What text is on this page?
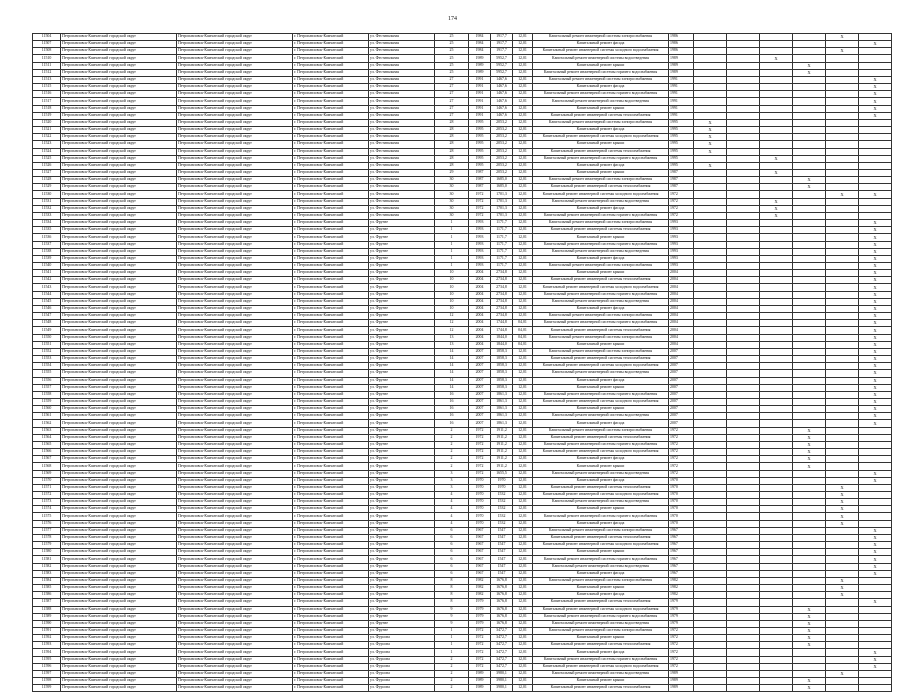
174
11504	Петропавловск-Камчатский городской округ	Петропавловск-Камчатский городской округ	г. Петропавловск-Камчатский	ул. Фестивальная	25	1984	1917,7	12,01	Капитальный ремонт инженерной системы электроснабжения	1986					X	
11507	Петропавловск-Камчатский городской округ	Петропавловск-Камчатский городской округ	г. Петропавловск-Камчатский	ул. Фестивальная	25	1984	1917,7	12,01	Капитальный ремонт фасада	1986						X
11508	Петропавловск-Камчатский городской округ	Петропавловск-Камчатский городской округ	г. Петропавловск-Камчатский	ул. Фестивальная	25	1984	1917,7	12,01	Капитальный ремонт инженерной системы холодного водоснабжения	1986					X	
11510	Петропавловск-Камчатский городской округ	Петропавловск-Камчатский городской округ	г. Петропавловск-Камчатский	ул. Фестивальная	25	1989	5952,7	12,01	Капитальный ремонт инженерной системы водоотведения	1989			X			
11511	Петропавловск-Камчатский городской округ	Петропавловск-Камчатский городской округ	г. Петропавловск-Камчатский	ул. Фестивальная	25	1989	5952,7	12,01	Капитальный ремонт крыши	1989				X		
11512	Петропавловск-Камчатский городской округ	Петропавловск-Камчатский городской округ	г. Петропавловск-Камчатский	ул. Фестивальная	25	1989	5952,7	12,01	Капитальный ремонт инженерной системы горячего водоснабжения	1989				X		
11513	Петропавловск-Камчатский городской округ	Петропавловск-Камчатский городской округ	г. Петропавловск-Камчатский	ул. Фестивальная	27	1991	1467,6	12,01	Капитальный ремонт инженерной системы электроснабжения	1991						X
11515	Петропавловск-Камчатский городской округ	Петропавловск-Камчатский городской округ	г. Петропавловск-Камчатский	ул. Фестивальная	27	1991	1467,6	12,01	Капитальный ремонт фасада	1991						X
11516	Петропавловск-Камчатский городской округ	Петропавловск-Камчатский городской округ	г. Петропавловск-Камчатский	ул. Фестивальная	27	1991	1467,6	12,01	Капитальный ремонт инженерной системы горячего водоснабжения	1991						X
11517	Петропавловск-Камчатский городской округ	Петропавловск-Камчатский городской округ	г. Петропавловск-Камчатский	ул. Фестивальная	27	1991	1467,6	12,01	Капитальный ремонт инженерной системы водоотведения	1991						X
11518	Петропавловск-Камчатский городской округ	Петропавловск-Камчатский городской округ	г. Петропавловск-Камчатский	ул. Фестивальная	27	1991	1467,6	12,01	Капитальный ремонт крыши	1991						X
11519	Петропавловск-Камчатский городской округ	Петропавловск-Камчатский городской округ	г. Петропавловск-Камчатский	ул. Фестивальная	27	1991	1467,6	12,01	Капитальный ремонт инженерной системы теплоснабжения	1991						X
11520	Петропавловск-Камчатский городской округ	Петропавловск-Камчатский городской округ	г. Петропавловск-Камчатский	ул. Фестивальная	28	1995	2053,2	12,01	Капитальный ремонт инженерной системы электроснабжения	1995	X					
11521	Петропавловск-Камчатский городской округ	Петропавловск-Камчатский городской округ	г. Петропавловск-Камчатский	ул. Фестивальная	28	1995	2053,2	12,01	Капитальный ремонт фасада	1995	X					
11522	Петропавловск-Камчатский городской округ	Петропавловск-Камчатский городской округ	г. Петропавловск-Камчатский	ул. Фестивальная	28	1995	2053,2	12,01	Капитальный ремонт инженерной системы холодного водоснабжения	1995	X					
11523	Петропавловск-Камчатский городской округ	Петропавловск-Камчатский городской округ	г. Петропавловск-Камчатский	ул. Фестивальная	28	1995	2053,2	12,01	Капитальный ремонт крыши	1995	X					
11524	Петропавловск-Камчатский городской округ	Петропавловск-Камчатский городской округ	г. Петропавловск-Камчатский	ул. Фестивальная	28	1995	2053,2	12,01	Капитальный ремонт инженерной системы теплоснабжения	1995	X					
11525	Петропавловск-Камчатский городской округ	Петропавловск-Камчатский городской округ	г. Петропавловск-Камчатский	ул. Фестивальная	28	1995	2053,2	12,01	Капитальный ремонт инженерной системы горячего водоснабжения	1995			X			
11526	Петропавловск-Камчатский городской округ	Петропавловск-Камчатский городской округ	г. Петропавловск-Камчатский	ул. Фестивальная	28	1995	2053,2	12,01	Капитальный ремонт фасада	1995	X					
11527	Петропавловск-Камчатский городской округ	Петропавловск-Камчатский городской округ	г. Петропавловск-Камчатский	ул. Фестивальная	29	1987	2053,2	12,01	Капитальный ремонт крыши	1987			X			
11528	Петропавловск-Камчатский городской округ	Петропавловск-Камчатский городской округ	г. Петропавловск-Камчатский	ул. Фестивальная	30	1987	1685,0	12,01	Капитальный ремонт инженерной системы электроснабжения	1987				X		
11529	Петропавловск-Камчатский городской округ	Петропавловск-Камчатский городской округ	г. Петропавловск-Камчатский	ул. Фестивальная	30	1987	1685,0	12,01	Капитальный ремонт инженерной системы теплоснабжения	1987				X		
11530	Петропавловск-Камчатский городской округ	Петропавловск-Камчатский городской округ	г. Петропавловск-Камчатский	ул. Фестивальная	30	1972	1701,3	12,01	Капитальный ремонт инженерной системы холодного водоснабжения	1972					X	X
11531	Петропавловск-Камчатский городской округ	Петропавловск-Камчатский городской округ	г. Петропавловск-Камчатский	ул. Фестивальная	30	1972	1701,3	12,01	Капитальный ремонт инженерной системы водоотведения	1972			X			
11532	Петропавловск-Камчатский городской округ	Петропавловск-Камчатский городской округ	г. Петропавловск-Камчатский	ул. Фестивальная	30	1972	1701,3	12,01	Капитальный ремонт фасада	1972			X			
11533	Петропавловск-Камчатский городской округ	Петропавловск-Камчатский городской округ	г. Петропавловск-Камчатский	ул. Фестивальная	30	1972	1701,3	12,01	Капитальный ремонт инженерной системы горячего водоснабжения	1972			X			
11534	Петропавловск-Камчатский городской округ	Петропавловск-Камчатский городской округ	г. Петропавловск-Камчатский	ул. Фрунзе	1	1993	1171,7	12,01	Капитальный ремонт инженерной системы электроснабжения	1993						X
11535	Петропавловск-Камчатский городской округ	Петропавловск-Камчатский городской округ	г. Петропавловск-Камчатский	ул. Фрунзе	1	1993	1171,7	12,01	Капитальный ремонт инженерной системы теплоснабжения	1993						X
11536	Петропавловск-Камчатский городской округ	Петропавловск-Камчатский городской округ	г. Петропавловск-Камчатский	ул. Фрунзе	1	1993	1171,7	12,01	Капитальный ремонт крыши	1993						X
11537	Петропавловск-Камчатский городской округ	Петропавловск-Камчатский городской округ	г. Петропавловск-Камчатский	ул. Фрунзе	1	1993	1171,7	12,01	Капитальный ремонт инженерной системы горячего водоснабжения	1993						X
11538	Петропавловск-Камчатский городской округ	Петропавловск-Камчатский городской округ	г. Петропавловск-Камчатский	ул. Фрунзе	1	1993	1171,7	12,01	Капитальный ремонт инженерной системы водоотведения	1993						X
11539	Петропавловск-Камчатский городской округ	Петропавловск-Камчатский городской округ	г. Петропавловск-Камчатский	ул. Фрунзе	1	1993	1171,7	12,01	Капитальный ремонт фасада	1993						X
11540	Петропавловск-Камчатский городской округ	Петропавловск-Камчатский городской округ	г. Петропавловск-Камчатский	ул. Фрунзе	1	1993	1171,7	12,01	Капитальный ремонт инженерной системы электроснабжения	1993						X
11541	Петропавловск-Камчатский городской округ	Петропавловск-Камчатский городской округ	г. Петропавловск-Камчатский	ул. Фрунзе	10	2004	2734,8	12,01	Капитальный ремонт крыши	2004						X
11542	Петропавловск-Камчатский городской округ	Петропавловск-Камчатский городской округ	г. Петропавловск-Камчатский	ул. Фрунзе	10	2004	2734,8	12,01	Капитальный ремонт инженерной системы теплоснабжения	2004						X
11543	Петропавловск-Камчатский городской округ	Петропавловск-Камчатский городской округ	г. Петропавловск-Камчатский	ул. Фрунзе	10	2004	2734,8	12,01	Капитальный ремонт инженерной системы холодного водоснабжения	2004						X
11544	Петропавловск-Камчатский городской округ	Петропавловск-Камчатский городской округ	г. Петропавловск-Камчатский	ул. Фрунзе	10	2004	2734,8	12,01	Капитальный ремонт инженерной системы горячего водоснабжения	2004						X
11545	Петропавловск-Камчатский городской округ	Петропавловск-Камчатский городской округ	г. Петропавловск-Камчатский	ул. Фрунзе	10	2004	2734,8	12,01	Капитальный ремонт инженерной системы водоотведения	2004						X
11546	Петропавловск-Камчатский городской округ	Петропавловск-Камчатский городской округ	г. Петропавловск-Камчатский	ул. Фрунзе	10	2004	2734,8	12,01	Капитальный ремонт фасада	2004						X
11547	Петропавловск-Камчатский городской округ	Петропавловск-Камчатский городской округ	г. Петропавловск-Камчатский	ул. Фрунзе	12	2004	2734,8	12,01	Капитальный ремонт инженерной системы электроснабжения	2004						X
11548	Петропавловск-Камчатский городской округ	Петропавловск-Камчатский городской округ	г. Петропавловск-Камчатский	ул. Фрунзе	12	2004	1744,8	04,01	Капитальный ремонт инженерной системы горячего водоснабжения	2004						X
11549	Петропавловск-Камчатский городской округ	Петропавловск-Камчатский городской округ	г. Петропавловск-Камчатский	ул. Фрунзе	12	2004	1744,8	04,01	Капитальный ремонт инженерной системы теплоснабжения	2004						X
11550	Петропавловск-Камчатский городской округ	Петропавловск-Камчатский городской округ	г. Петропавловск-Камчатский	ул. Фрунзе	13	2004	1844,0	04,01	Капитальный ремонт инженерной системы электроснабжения	2004						X
11551	Петропавловск-Камчатский городской округ	Петропавловск-Камчатский городской округ	г. Петропавловск-Камчатский	ул. Фрунзе	13	2004	1844,0	04,01	Капитальный ремонт крыши	2004						X
11552	Петропавловск-Камчатский городской округ	Петропавловск-Камчатский городской округ	г. Петропавловск-Камчатский	ул. Фрунзе	14	2007	1858,3	12,01	Капитальный ремонт инженерной системы электроснабжения	2007						X
11553	Петропавловск-Камчатский городской округ	Петропавловск-Камчатский городской округ	г. Петропавловск-Камчатский	ул. Фрунзе	14	2007	1858,3	12,01	Капитальный ремонт инженерной системы теплоснабжения	2007						X
11554	Петропавловск-Камчатский городской округ	Петропавловск-Камчатский городской округ	г. Петропавловск-Камчатский	ул. Фрунзе	14	2007	1858,3	12,01	Капитальный ремонт инженерной системы холодного водоснабжения	2007						X
11555	Петропавловск-Камчатский городской округ	Петропавловск-Камчатский городской округ	г. Петропавловск-Камчатский	ул. Фрунзе	14	2007	1858,3	12,01	Капитальный ремонт инженерной системы водоотведения	2007						X
11556	Петропавловск-Камчатский городской округ	Петропавловск-Камчатский городской округ	г. Петропавловск-Камчатский	ул. Фрунзе	14	2007	1858,3	12,01	Капитальный ремонт фасада	2007						X
11557	Петропавловск-Камчатский городской округ	Петропавловск-Камчатский городской округ	г. Петропавловск-Камчатский	ул. Фрунзе	14	2007	1858,3	12,01	Капитальный ремонт крыши	2007						X
11558	Петропавловск-Камчатский городской округ	Петропавловск-Камчатский городской округ	г. Петропавловск-Камчатский	ул. Фрунзе	16	2007	1861,3	12,01	Капитальный ремонт инженерной системы горячего водоснабжения	2007						X
11559	Петропавловск-Камчатский городской округ	Петропавловск-Камчатский городской округ	г. Петропавловск-Камчатский	ул. Фрунзе	16	2007	1861,3	12,01	Капитальный ремонт инженерной системы холодного водоснабжения	2007						X
11560	Петропавловск-Камчатский городской округ	Петропавловск-Камчатский городской округ	г. Петропавловск-Камчатский	ул. Фрунзе	16	2007	1861,3	12,01	Капитальный ремонт крыши	2007						X
11561	Петропавловск-Камчатский городской округ	Петропавловск-Камчатский городской округ	г. Петропавловск-Камчатский	ул. Фрунзе	16	2007	1861,3	12,01	Капитальный ремонт инженерной системы водоотведения	2007						X
11562	Петропавловск-Камчатский городской округ	Петропавловск-Камчатский городской округ	г. Петропавловск-Камчатский	ул. Фрунзе	16	2007	1861,3	12,01	Капитальный ремонт фасада	2007						X
11563	Петропавловск-Камчатский городской округ	Петропавловск-Камчатский городской округ	г. Петропавловск-Камчатский	ул. Фрунзе	2	1972	1911,2	12,01	Капитальный ремонт инженерной системы электроснабжения	1972				X		
11564	Петропавловск-Камчатский городской округ	Петропавловск-Камчатский городской округ	г. Петропавловск-Камчатский	ул. Фрунзе	2	1972	1911,2	12,01	Капитальный ремонт инженерной системы теплоснабжения	1972				X		
11565	Петропавловск-Камчатский городской округ	Петропавловск-Камчатский городской округ	г. Петропавловск-Камчатский	ул. Фрунзе	2	1972	1911,2	12,01	Капитальный ремонт инженерной системы горячего водоснабжения	1972				X		
11566	Петропавловск-Камчатский городской округ	Петропавловск-Камчатский городской округ	г. Петропавловск-Камчатский	ул. Фрунзе	2	1972	1911,2	12,01	Капитальный ремонт инженерной системы холодного водоснабжения	1972				X		
11567	Петропавловск-Камчатский городской округ	Петропавловск-Камчатский городской округ	г. Петропавловск-Камчатский	ул. Фрунзе	2	1972	1911,2	12,01	Капитальный ремонт фасада	1972				X		
11568	Петропавловск-Камчатский городской округ	Петропавловск-Камчатский городской округ	г. Петропавловск-Камчатский	ул. Фрунзе	2	1972	1911,2	12,01	Капитальный ремонт крыши	1972				X		
11569	Петропавловск-Камчатский городской округ	Петропавловск-Камчатский городской округ	г. Петропавловск-Камчатский	ул. Фрунзе	3	1972	1655,5	12,01	Капитальный ремонт инженерной системы водоотведения	1972						X
11570	Петропавловск-Камчатский городской округ	Петропавловск-Камчатский городской округ	г. Петропавловск-Камчатский	ул. Фрунзе	3	1970	1970	12,01	Капитальный ремонт фасада	1970						X
11571	Петропавловск-Камчатский городской округ	Петропавловск-Камчатский городской округ	г. Петропавловск-Камчатский	ул. Фрунзе	3	1970	1970	12,01	Капитальный ремонт инженерной системы теплоснабжения	1970					X	
11572	Петропавловск-Камчатский городской округ	Петропавловск-Камчатский городской округ	г. Петропавловск-Камчатский	ул. Фрунзе	4	1970	1532	12,01	Капитальный ремонт инженерной системы холодного водоснабжения	1970					X	
11573	Петропавловск-Камчатский городской округ	Петропавловск-Камчатский городской округ	г. Петропавловск-Камчатский	ул. Фрунзе	4	1970	1532	12,01	Капитальный ремонт инженерной системы водоотведения	1970					X	
11574	Петропавловск-Камчатский городской округ	Петропавловск-Камчатский городской округ	г. Петропавловск-Камчатский	ул. Фрунзе	4	1970	1532	12,01	Капитальный ремонт крыши	1970					X	
11575	Петропавловск-Камчатский городской округ	Петропавловск-Камчатский городской округ	г. Петропавловск-Камчатский	ул. Фрунзе	4	1970	1532	12,01	Капитальный ремонт инженерной системы горячего водоснабжения	1970					X	
11576	Петропавловск-Камчатский городской округ	Петропавловск-Камчатский городской округ	г. Петропавловск-Камчатский	ул. Фрунзе	4	1970	1532	12,01	Капитальный ремонт фасада	1970					X	
11577	Петропавловск-Камчатский городской округ	Петропавловск-Камчатский городской округ	г. Петропавловск-Камчатский	ул. Фрунзе	6	1967	1547	12,01	Капитальный ремонт инженерной системы электроснабжения	1967						X
11578	Петропавловск-Камчатский городской округ	Петропавловск-Камчатский городской округ	г. Петропавловск-Камчатский	ул. Фрунзе	6	1967	1547	12,01	Капитальный ремонт инженерной системы теплоснабжения	1967						X
11579	Петропавловск-Камчатский городской округ	Петропавловск-Камчатский городской округ	г. Петропавловск-Камчатский	ул. Фрунзе	6	1967	1547	12,01	Капитальный ремонт инженерной системы холодного водоснабжения	1967						X
11580	Петропавловск-Камчатский городской округ	Петропавловск-Камчатский городской округ	г. Петропавловск-Камчатский	ул. Фрунзе	6	1967	1547	12,01	Капитальный ремонт крыши	1967						X
11581	Петропавловск-Камчатский городской округ	Петропавловск-Камчатский городской округ	г. Петропавловск-Камчатский	ул. Фрунзе	6	1967	1547	12,01	Капитальный ремонт инженерной системы горячего водоснабжения	1967						X
11582	Петропавловск-Камчатский городской округ	Петропавловск-Камчатский городской округ	г. Петропавловск-Камчатский	ул. Фрунзе	6	1967	1547	12,01	Капитальный ремонт инженерной системы водоотведения	1967						X
11583	Петропавловск-Камчатский городской округ	Петропавловск-Камчатский городской округ	г. Петропавловск-Камчатский	ул. Фрунзе	6	1967	1547	12,01	Капитальный ремонт фасада	1967						X
11584	Петропавловск-Камчатский городской округ	Петропавловск-Камчатский городской округ	г. Петропавловск-Камчатский	ул. Фрунзе	8	1982	1676,8	12,01	Капитальный ремонт инженерной системы электроснабжения	1982					X	
11585	Петропавловск-Камчатский городской округ	Петропавловск-Камчатский городской округ	г. Петропавловск-Камчатский	ул. Фрунзе	8	1982	1676,8	12,01	Капитальный ремонт крыши	1982					X	
11586	Петропавловск-Камчатский городской округ	Петропавловск-Камчатский городской округ	г. Петропавловск-Камчатский	ул. Фрунзе	8	1982	1676,8	12,01	Капитальный ремонт фасада	1982					X	
11587	Петропавловск-Камчатский городской округ	Петропавловск-Камчатский городской округ	г. Петропавловск-Камчатский	ул. Фрунзе	8	1979	1676,8	12,01	Капитальный ремонт инженерной системы теплоснабжения	1979						X
11588	Петропавловск-Камчатский городской округ	Петропавловск-Камчатский городской округ	г. Петропавловск-Камчатский	ул. Фрунзе	9	1979	1676,8	12,01	Капитальный ремонт инженерной системы холодного водоснабжения	1979				X		
11589	Петропавловск-Камчатский городской округ	Петропавловск-Камчатский городской округ	г. Петропавловск-Камчатский	ул. Фрунзе	9	1979	1676,8	12,01	Капитальный ремонт инженерной системы горячего водоснабжения	1979				X		
11590	Петропавловск-Камчатский городской округ	Петропавловск-Камчатский городской округ	г. Петропавловск-Камчатский	ул. Фрунзе	9	1979	1676,8	12,01	Капитальный ремонт инженерной системы водоотведения	1979				X		
11591	Петропавловск-Камчатский городской округ	Петропавловск-Камчатский городской округ	г. Петропавловск-Камчатский	ул. Фрунзе	1	1972	3472,7	12,01	Капитальный ремонт инженерной системы электроснабжения	1972				X		
11592	Петропавловск-Камчатский городской округ	Петропавловск-Камчатский городской округ	г. Петропавловск-Камчатский	ул. Фурсова	1	1972	3472,7	12,01	Капитальный ремонт крыши	1972				X		
11593	Петропавловск-Камчатский городской округ	Петропавловск-Камчатский городской округ	г. Петропавловск-Камчатский	ул. Фурсова	1	1972	3472,7	12,01	Капитальный ремонт инженерной системы теплоснабжения	1972				X		
11594	Петропавловск-Камчатский городской округ	Петропавловск-Камчатский городской округ	г. Петропавловск-Камчатский	ул. Фурсова	1	1972	3472,7	12,01	Капитальный ремонт фасада	1972						X
11595	Петропавловск-Камчатский городской округ	Петропавловск-Камчатский городской округ	г. Петропавловск-Камчатский	ул. Фурсова	2	1972	3472,7	12,01	Капитальный ремонт инженерной системы горячего водоснабжения	1972						X
11596	Петропавловск-Камчатский городской округ	Петропавловск-Камчатский городской округ	г. Петропавловск-Камчатский	ул. Фурсова	2	1972	3472,7	12,01	Капитальный ремонт инженерной системы холодного водоснабжения	1972						X
11597	Петропавловск-Камчатский городской округ	Петропавловск-Камчатский городской округ	г. Петропавловск-Камчатский	ул. Фурсова	2	1989	3980,1	12,01	Капитальный ремонт инженерной системы водоотведения	1989					X	
11598	Петропавловск-Камчатский городской округ	Петропавловск-Камчатский городской округ	г. Петропавловск-Камчатский	ул. Фурсова	2	1989	3980,1	12,01	Капитальный ремонт крыши	1989				X		
11599	Петропавловск-Камчатский городской округ	Петропавловск-Камчатский городской округ	г. Петропавловск-Камчатский	ул. Фурсова	2	1989	3980,1	12,01	Капитальный ремонт инженерной системы теплоснабжения	1989				X		
